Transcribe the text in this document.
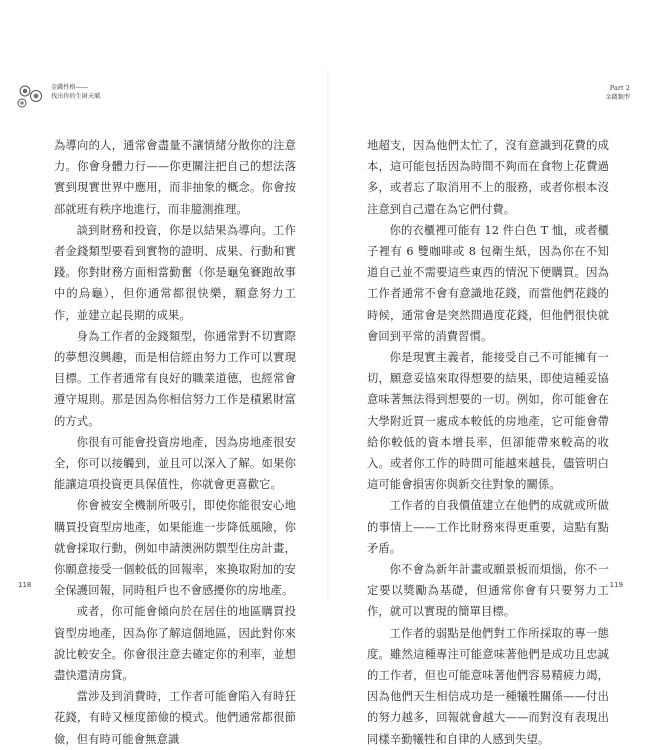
金錢性格——
找出你的生財天賦

為導向的人，通常會盡量不讓情緒分散你的注意力。你會身體力行——你更關注把自己的想法落實到現實世界中應用，而非抽象的概念。你會按部就班有秩序地進行，而非臆測推理。

談到財務和投資，你是以結果為導向。工作者金錢類型要看到實物的證明、成果、行動和實踐。你對財務方面相當勤奮（你是龜兔賽跑故事中的烏龜），但你通常都很快樂，願意努力工作，並建立起長期的成果。

身為工作者的金錢類型，你通常對不切實際的夢想沒興趣，而是相信經由努力工作可以實現目標。工作者通常有良好的職業道德，也經常會遵守規則。那是因為你相信努力工作是積累財富的方式。

你很有可能會投資房地產，因為房地產很安全，你可以接觸到，並且可以深入了解。如果你能讓這項投資更具保值性，你就會更喜歡它。

你會被安全機制所吸引，即使你能很安心地購買投資型房地產，如果能進一步降低風險，你就會採取行動，例如申請澳洲防禦型住房計畫，你願意接受一個較低的回報率，來換取附加的安全保護回報，同時租戶也不會感擾你的房地產。

或者，你可能會傾向於在居住的地區購買投資型房地產，因為你了解這個地區，因此對你來說比較安全。你會很注意去確定你的利率，並想盡快還清房貸。

當涉及到消費時，工作者可能會陷入有時狂花錢，有時又極度節儉的模式。他們通常都很節儉，但有時可能會無意識

118
Part 2
金錢類型

地超支，因為他們太忙了，沒有意識到花費的成本，這可能包括因為時間不夠而在食物上花費過多，或者忘了取消用不上的服務，或者你根本沒注意到自己還在為它們付費。

你的衣櫃裡可能有 12 件白色 T 恤，或者櫃子裡有 6 雙咖啡或 8 包衛生紙，因為你在不知道自己並不需要這些東西的情況下便購買。因為工作者通常不會有意識地花錢，而當他們花錢的時候，通常會是突然間過度花錢，但他們很快就會回到平常的消費習慣。

你是現實主義者，能接受自己不可能擁有一切，願意妥協來取得想要的結果，即使這種妥協意味著無法得到想要的一切。例如，你可能會在大學附近買一處成本較低的房地產，它可能會帶給你較低的資本增長率，但卻能帶來較高的收入。或者你工作的時間可能越來越長，儘管明白這可能會損害你與新交往對象的關係。

工作者的自我價值建立在他們的成就或所做的事情上——工作比財務來得更重要，這點有點矛盾。

你不會為新年計畫或願景板而煩惱，你不一定要以獎勵為基礎，但通常你會有只要努力工作，就可以實現的簡單目標。

工作者的弱點是他們對工作所採取的專一態度。雖然這種專注可能意味著他們是成功且忠誠的工作者，但也可能意味著他們容易精疲力竭，因為他們天生相信成功是一種犧牲關係——付出的努力越多，回報就會越大——而對沒有表現出同樣辛勤犧牲和自律的人感到失望。

119
